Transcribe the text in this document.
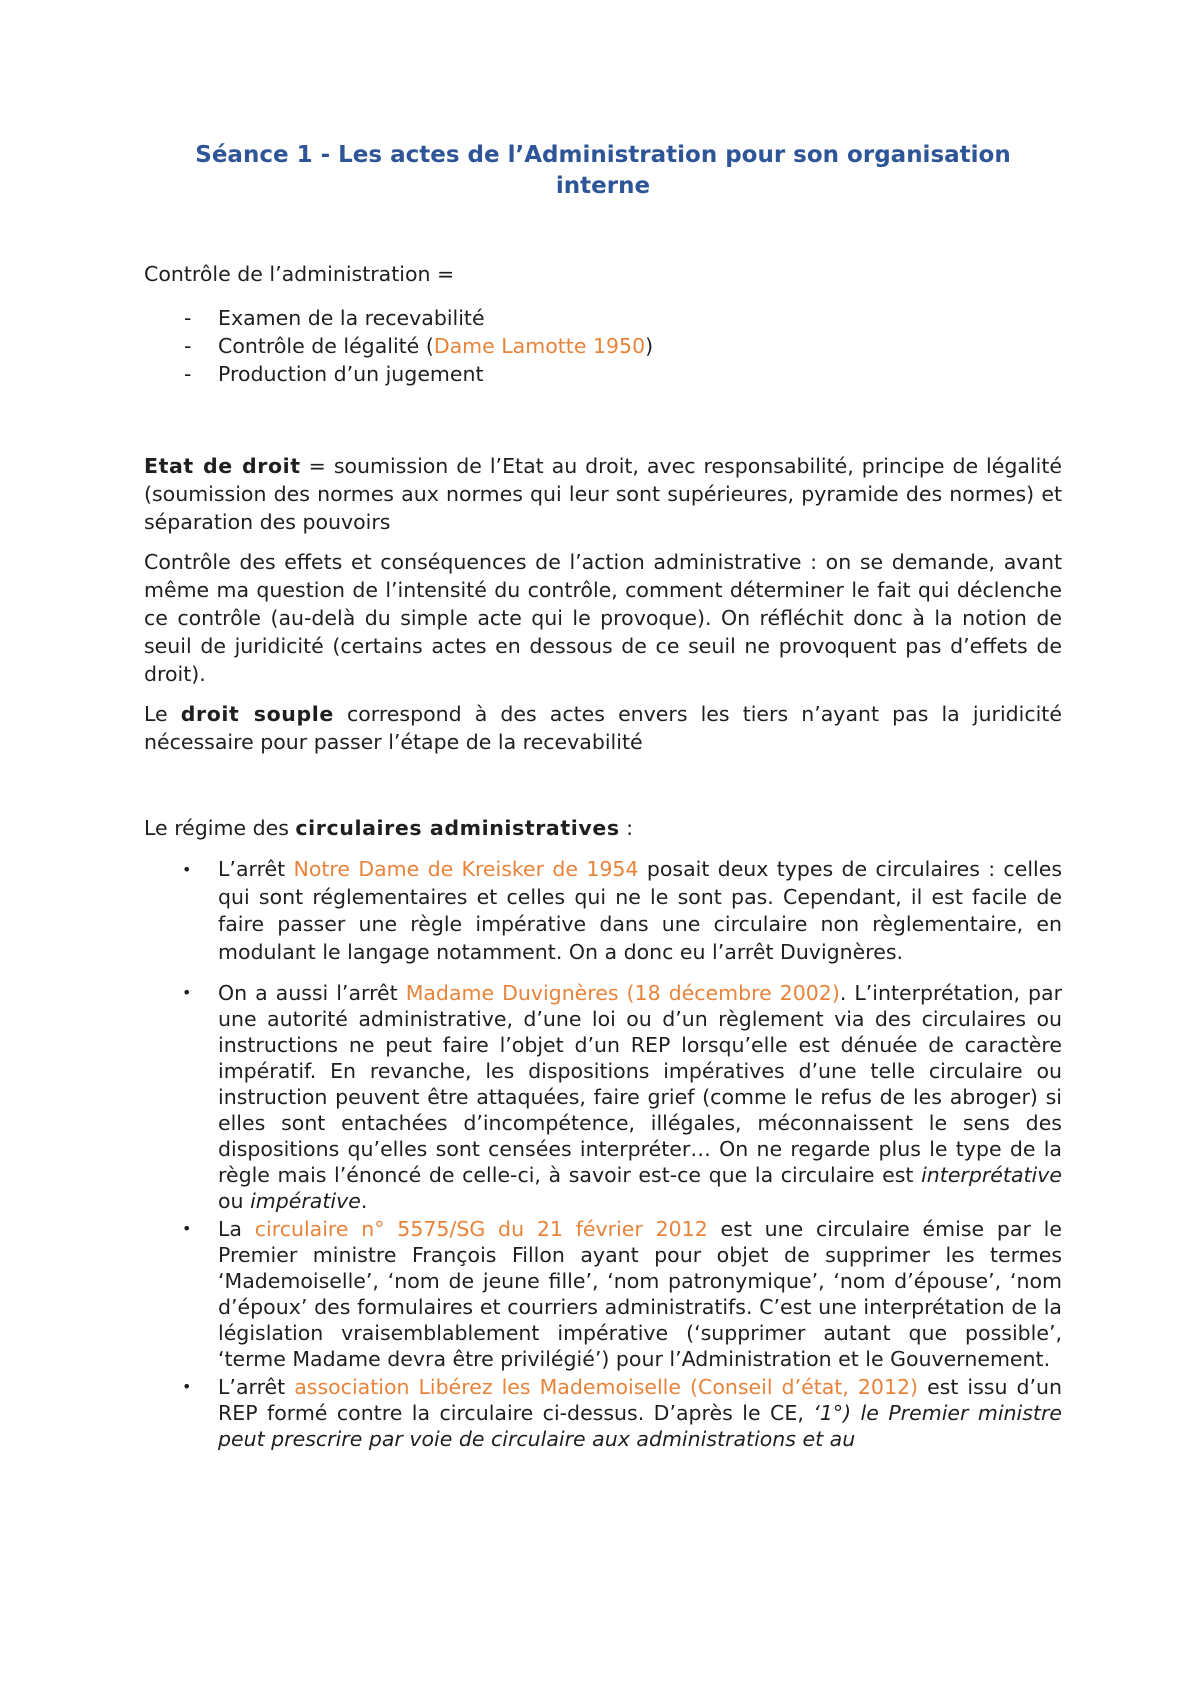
Séance 1 - Les actes de l’Administration pour son organisation interne

Contrôle de l’administration =

- Examen de la recevabilité
- Contrôle de légalité (Dame Lamotte 1950)
- Production d’un jugement

Etat de droit = soumission de l’Etat au droit, avec responsabilité, principe de légalité (soumission des normes aux normes qui leur sont supérieures, pyramide des normes) et séparation des pouvoirs

Contrôle des effets et conséquences de l’action administrative : on se demande, avant même ma question de l’intensité du contrôle, comment déterminer le fait qui déclenche ce contrôle (au-delà du simple acte qui le provoque). On réfléchit donc à la notion de seuil de juridicité (certains actes en dessous de ce seuil ne provoquent pas d’effets de droit).

Le droit souple correspond à des actes envers les tiers n’ayant pas la juridicité nécessaire pour passer l’étape de la recevabilité

Le régime des circulaires administratives :

• L’arrêt Notre Dame de Kreisker de 1954 posait deux types de circulaires : celles qui sont réglementaires et celles qui ne le sont pas. Cependant, il est facile de faire passer une règle impérative dans une circulaire non règlementaire, en modulant le langage notamment. On a donc eu l’arrêt Duvignères.
• On a aussi l’arrêt Madame Duvignères (18 décembre 2002). L’interprétation, par une autorité administrative, d’une loi ou d’un règlement via des circulaires ou instructions ne peut faire l’objet d’un REP lorsqu’elle est dénuée de caractère impératif. En revanche, les dispositions impératives d’une telle circulaire ou instruction peuvent être attaquées, faire grief (comme le refus de les abroger) si elles sont entachées d’incompétence, illégales, méconnaissent le sens des dispositions qu’elles sont censées interpréter… On ne regarde plus le type de la règle mais l’énoncé de celle-ci, à savoir est-ce que la circulaire est interprétative ou impérative.
• La circulaire n° 5575/SG du 21 février 2012 est une circulaire émise par le Premier ministre François Fillon ayant pour objet de supprimer les termes ‘Mademoiselle’, ‘nom de jeune fille’, ‘nom patronymique’, ‘nom d’épouse’, ‘nom d’époux’ des formulaires et courriers administratifs. C’est une interprétation de la législation vraisemblablement impérative (‘supprimer autant que possible’, ‘terme Madame devra être privilégié’) pour l’Administration et le Gouvernement.
• L’arrêt association Libérez les Mademoiselle (Conseil d’état, 2012) est issu d’un REP formé contre la circulaire ci-dessus. D’après le CE, ‘1°) le Premier ministre peut prescrire par voie de circulaire aux administrations et au
